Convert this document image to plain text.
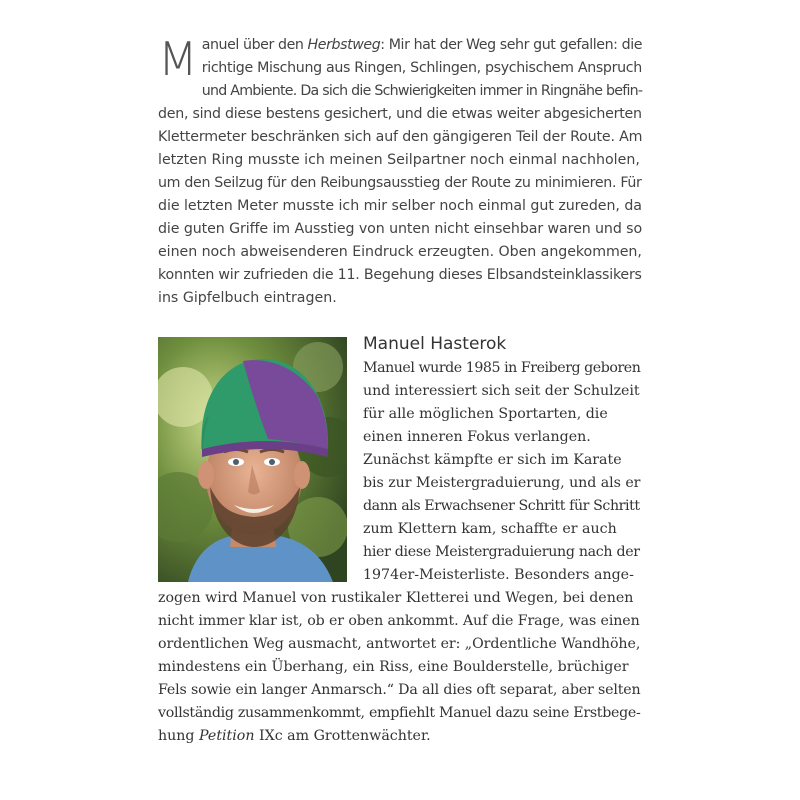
M anuel über den Herbstweg: Mir hat der Weg sehr gut gefallen: die
richtige Mischung aus Ringen, Schlingen, psychischem Anspruch
und Ambiente. Da sich die Schwierigkeiten immer in Ringnähe befin-
den, sind diese bestens gesichert, und die etwas weiter abgesicherten
Klettermeter beschränken sich auf den gängigeren Teil der Route. Am
letzten Ring musste ich meinen Seilpartner noch einmal nachholen,
um den Seilzug für den Reibungsausstieg der Route zu minimieren. Für
die letzten Meter musste ich mir selber noch einmal gut zureden, da
die guten Griffe im Ausstieg von unten nicht einsehbar waren und so
einen noch abweisenderen Eindruck erzeugten. Oben angekommen,
konnten wir zufrieden die 11. Begehung dieses Elbsandsteinklassikers
ins Gipfelbuch eintragen.
Manuel Hasterok
Manuel wurde 1985 in Freiberg geboren
und interessiert sich seit der Schulzeit
für alle möglichen Sportarten, die
einen inneren Fokus verlangen.
Zunächst kämpfte er sich im Karate
bis zur Meistergraduierung, und als er
dann als Erwachsener Schritt für Schritt
zum Klettern kam, schaffte er auch
hier diese Meistergraduierung nach der
1974er-Meisterliste. Besonders ange-
zogen wird Manuel von rustikaler Kletterei und Wegen, bei denen
nicht immer klar ist, ob er oben ankommt. Auf die Frage, was einen
ordentlichen Weg ausmacht, antwortet er: „Ordentliche Wandhöhe,
mindestens ein Überhang, ein Riss, eine Boulderstelle, brüchiger
Fels sowie ein langer Anmarsch.“ Da all dies oft separat, aber selten
vollständig zusammenkommt, empfiehlt Manuel dazu seine Erstbege-
hung Petition IXc am Grottenwächter.
